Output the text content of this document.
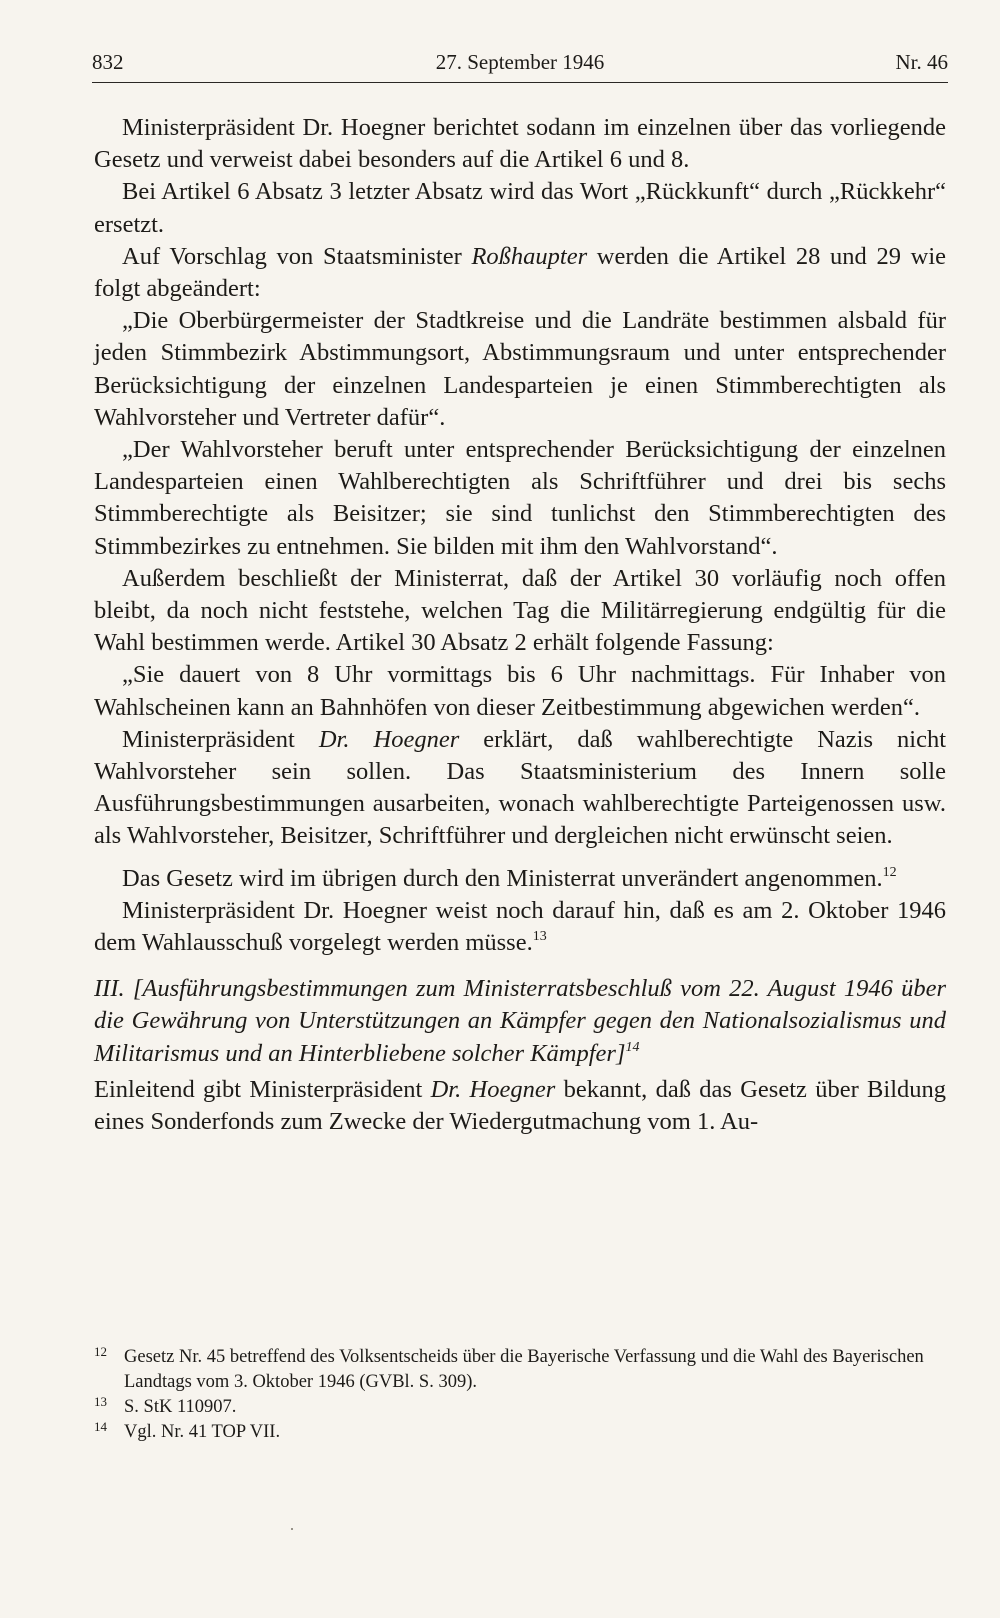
832	27. September 1946	Nr. 46

Ministerpräsident Dr. Hoegner berichtet sodann im einzelnen über das vorliegende Gesetz und verweist dabei besonders auf die Artikel 6 und 8.

Bei Artikel 6 Absatz 3 letzter Absatz wird das Wort „Rückkunft“ durch „Rückkehr“ ersetzt.

Auf Vorschlag von Staatsminister Roßhaupter werden die Artikel 28 und 29 wie folgt abgeändert:

„Die Oberbürgermeister der Stadtkreise und die Landräte bestimmen alsbald für jeden Stimmbezirk Abstimmungsort, Abstimmungsraum und unter entsprechender Berücksichtigung der einzelnen Landesparteien je einen Stimmberechtigten als Wahlvorsteher und Vertreter dafür“.

„Der Wahlvorsteher beruft unter entsprechender Berücksichtigung der einzelnen Landesparteien einen Wahlberechtigten als Schriftführer und drei bis sechs Stimmberechtigte als Beisitzer; sie sind tunlichst den Stimmberechtigten des Stimmbezirkes zu entnehmen. Sie bilden mit ihm den Wahlvorstand“.

Außerdem beschließt der Ministerrat, daß der Artikel 30 vorläufig noch offen bleibt, da noch nicht feststehe, welchen Tag die Militärregierung endgültig für die Wahl bestimmen werde. Artikel 30 Absatz 2 erhält folgende Fassung:

„Sie dauert von 8 Uhr vormittags bis 6 Uhr nachmittags. Für Inhaber von Wahlscheinen kann an Bahnhöfen von dieser Zeitbestimmung abgewichen werden“.

Ministerpräsident Dr. Hoegner erklärt, daß wahlberechtigte Nazis nicht Wahlvorsteher sein sollen. Das Staatsministerium des Innern solle Ausführungsbestimmungen ausarbeiten, wonach wahlberechtigte Parteigenossen usw. als Wahlvorsteher, Beisitzer, Schriftführer und dergleichen nicht erwünscht seien.

Das Gesetz wird im übrigen durch den Ministerrat unverändert angenommen.$^{12}$

Ministerpräsident Dr. Hoegner weist noch darauf hin, daß es am 2. Oktober 1946 dem Wahlausschuß vorgelegt werden müsse.$^{13}$

III. [Ausführungsbestimmungen zum Ministerratsbeschluß vom 22. August 1946 über die Gewährung von Unterstützungen an Kämpfer gegen den Nationalsozialismus und Militarismus und an Hinterbliebene solcher Kämpfer]$^{14}$

Einleitend gibt Ministerpräsident Dr. Hoegner bekannt, daß das Gesetz über Bildung eines Sonderfonds zum Zwecke der Wiedergutmachung vom 1. Au-

12 Gesetz Nr. 45 betreffend des Volksentscheids über die Bayerische Verfassung und die Wahl des Bayerischen Landtags vom 3. Oktober 1946 (GVBl. S. 309).
13 S. StK 110907.
14 Vgl. Nr. 41 TOP VII.
